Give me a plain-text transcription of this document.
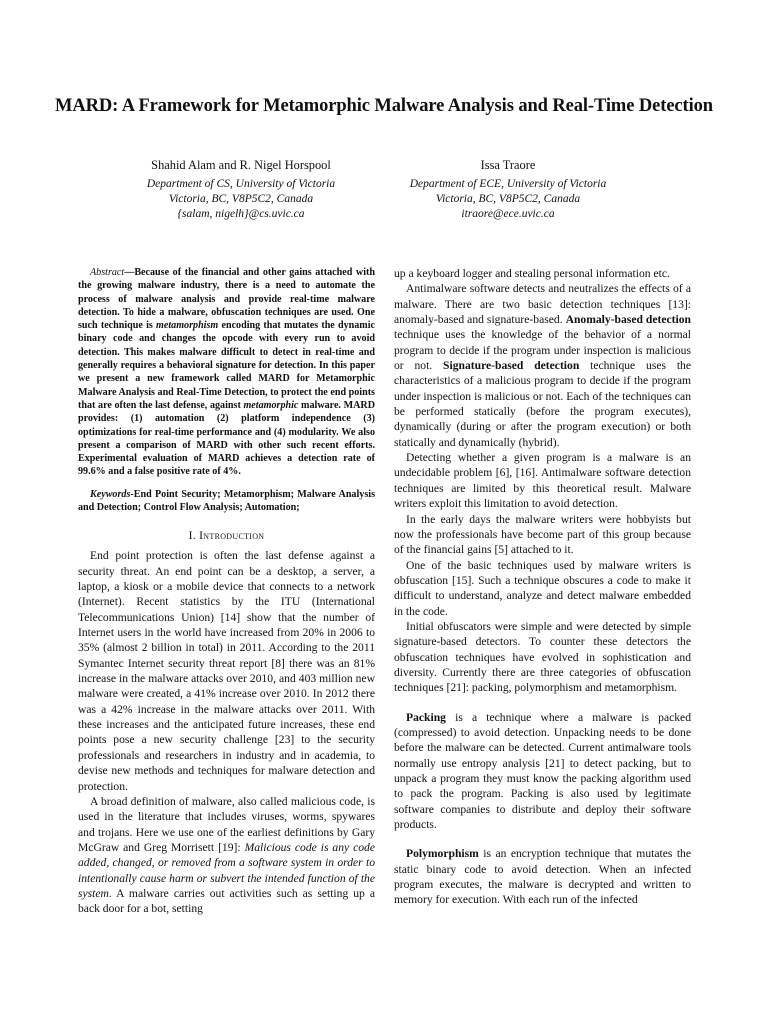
MARD: A Framework for Metamorphic Malware Analysis and Real-Time Detection
Shahid Alam and R. Nigel Horspool
Department of CS, University of Victoria
Victoria, BC, V8P5C2, Canada
{salam, nigelh}@cs.uvic.ca
Issa Traore
Department of ECE, University of Victoria
Victoria, BC, V8P5C2, Canada
itraore@ece.uvic.ca

Abstract—Because of the financial and other gains attached with the growing malware industry, there is a need to automate the process of malware analysis and provide real-time malware detection. To hide a malware, obfuscation techniques are used. One such technique is metamorphism encoding that mutates the dynamic binary code and changes the opcode with every run to avoid detection. This makes malware difficult to detect in real-time and generally requires a behavioral signature for detection. In this paper we present a new framework called MARD for Metamorphic Malware Analysis and Real-Time Detection, to protect the end points that are often the last defense, against metamorphic malware. MARD provides: (1) automation (2) platform independence (3) optimizations for real-time performance and (4) modularity. We also present a comparison of MARD with other such recent efforts. Experimental evaluation of MARD achieves a detection rate of 99.6% and a false positive rate of 4%.

Keywords-End Point Security; Metamorphism; Malware Analysis and Detection; Control Flow Analysis; Automation;

I. Introduction

End point protection is often the last defense against a security threat. An end point can be a desktop, a server, a laptop, a kiosk or a mobile device that connects to a network (Internet). Recent statistics by the ITU (International Telecommunications Union) [14] show that the number of Internet users in the world have increased from 20% in 2006 to 35% (almost 2 billion in total) in 2011. According to the 2011 Symantec Internet security threat report [8] there was an 81% increase in the malware attacks over 2010, and 403 million new malware were created, a 41% increase over 2010. In 2012 there was a 42% increase in the malware attacks over 2011. With these increases and the anticipated future increases, these end points pose a new security challenge [23] to the security professionals and researchers in industry and in academia, to devise new methods and techniques for malware detection and protection.

A broad definition of malware, also called malicious code, is used in the literature that includes viruses, worms, spywares and trojans. Here we use one of the earliest definitions by Gary McGraw and Greg Morrisett [19]: Malicious code is any code added, changed, or removed from a software system in order to intentionally cause harm or subvert the intended function of the system. A malware carries out activities such as setting up a back door for a bot, setting

up a keyboard logger and stealing personal information etc.

Antimalware software detects and neutralizes the effects of a malware. There are two basic detection techniques [13]: anomaly-based and signature-based. Anomaly-based detection technique uses the knowledge of the behavior of a normal program to decide if the program under inspection is malicious or not. Signature-based detection technique uses the characteristics of a malicious program to decide if the program under inspection is malicious or not. Each of the techniques can be performed statically (before the program executes), dynamically (during or after the program execution) or both statically and dynamically (hybrid).

Detecting whether a given program is a malware is an undecidable problem [6], [16]. Antimalware software detection techniques are limited by this theoretical result. Malware writers exploit this limitation to avoid detection.

In the early days the malware writers were hobbyists but now the professionals have become part of this group because of the financial gains [5] attached to it.

One of the basic techniques used by malware writers is obfuscation [15]. Such a technique obscures a code to make it difficult to understand, analyze and detect malware embedded in the code.

Initial obfuscators were simple and were detected by simple signature-based detectors. To counter these detectors the obfuscation techniques have evolved in sophistication and diversity. Currently there are three categories of obfuscation techniques [21]: packing, polymorphism and metamorphism.

Packing is a technique where a malware is packed (compressed) to avoid detection. Unpacking needs to be done before the malware can be detected. Current antimalware tools normally use entropy analysis [21] to detect packing, but to unpack a program they must know the packing algorithm used to pack the program. Packing is also used by legitimate software companies to distribute and deploy their software products.

Polymorphism is an encryption technique that mutates the static binary code to avoid detection. When an infected program executes, the malware is decrypted and written to memory for execution. With each run of the infected
